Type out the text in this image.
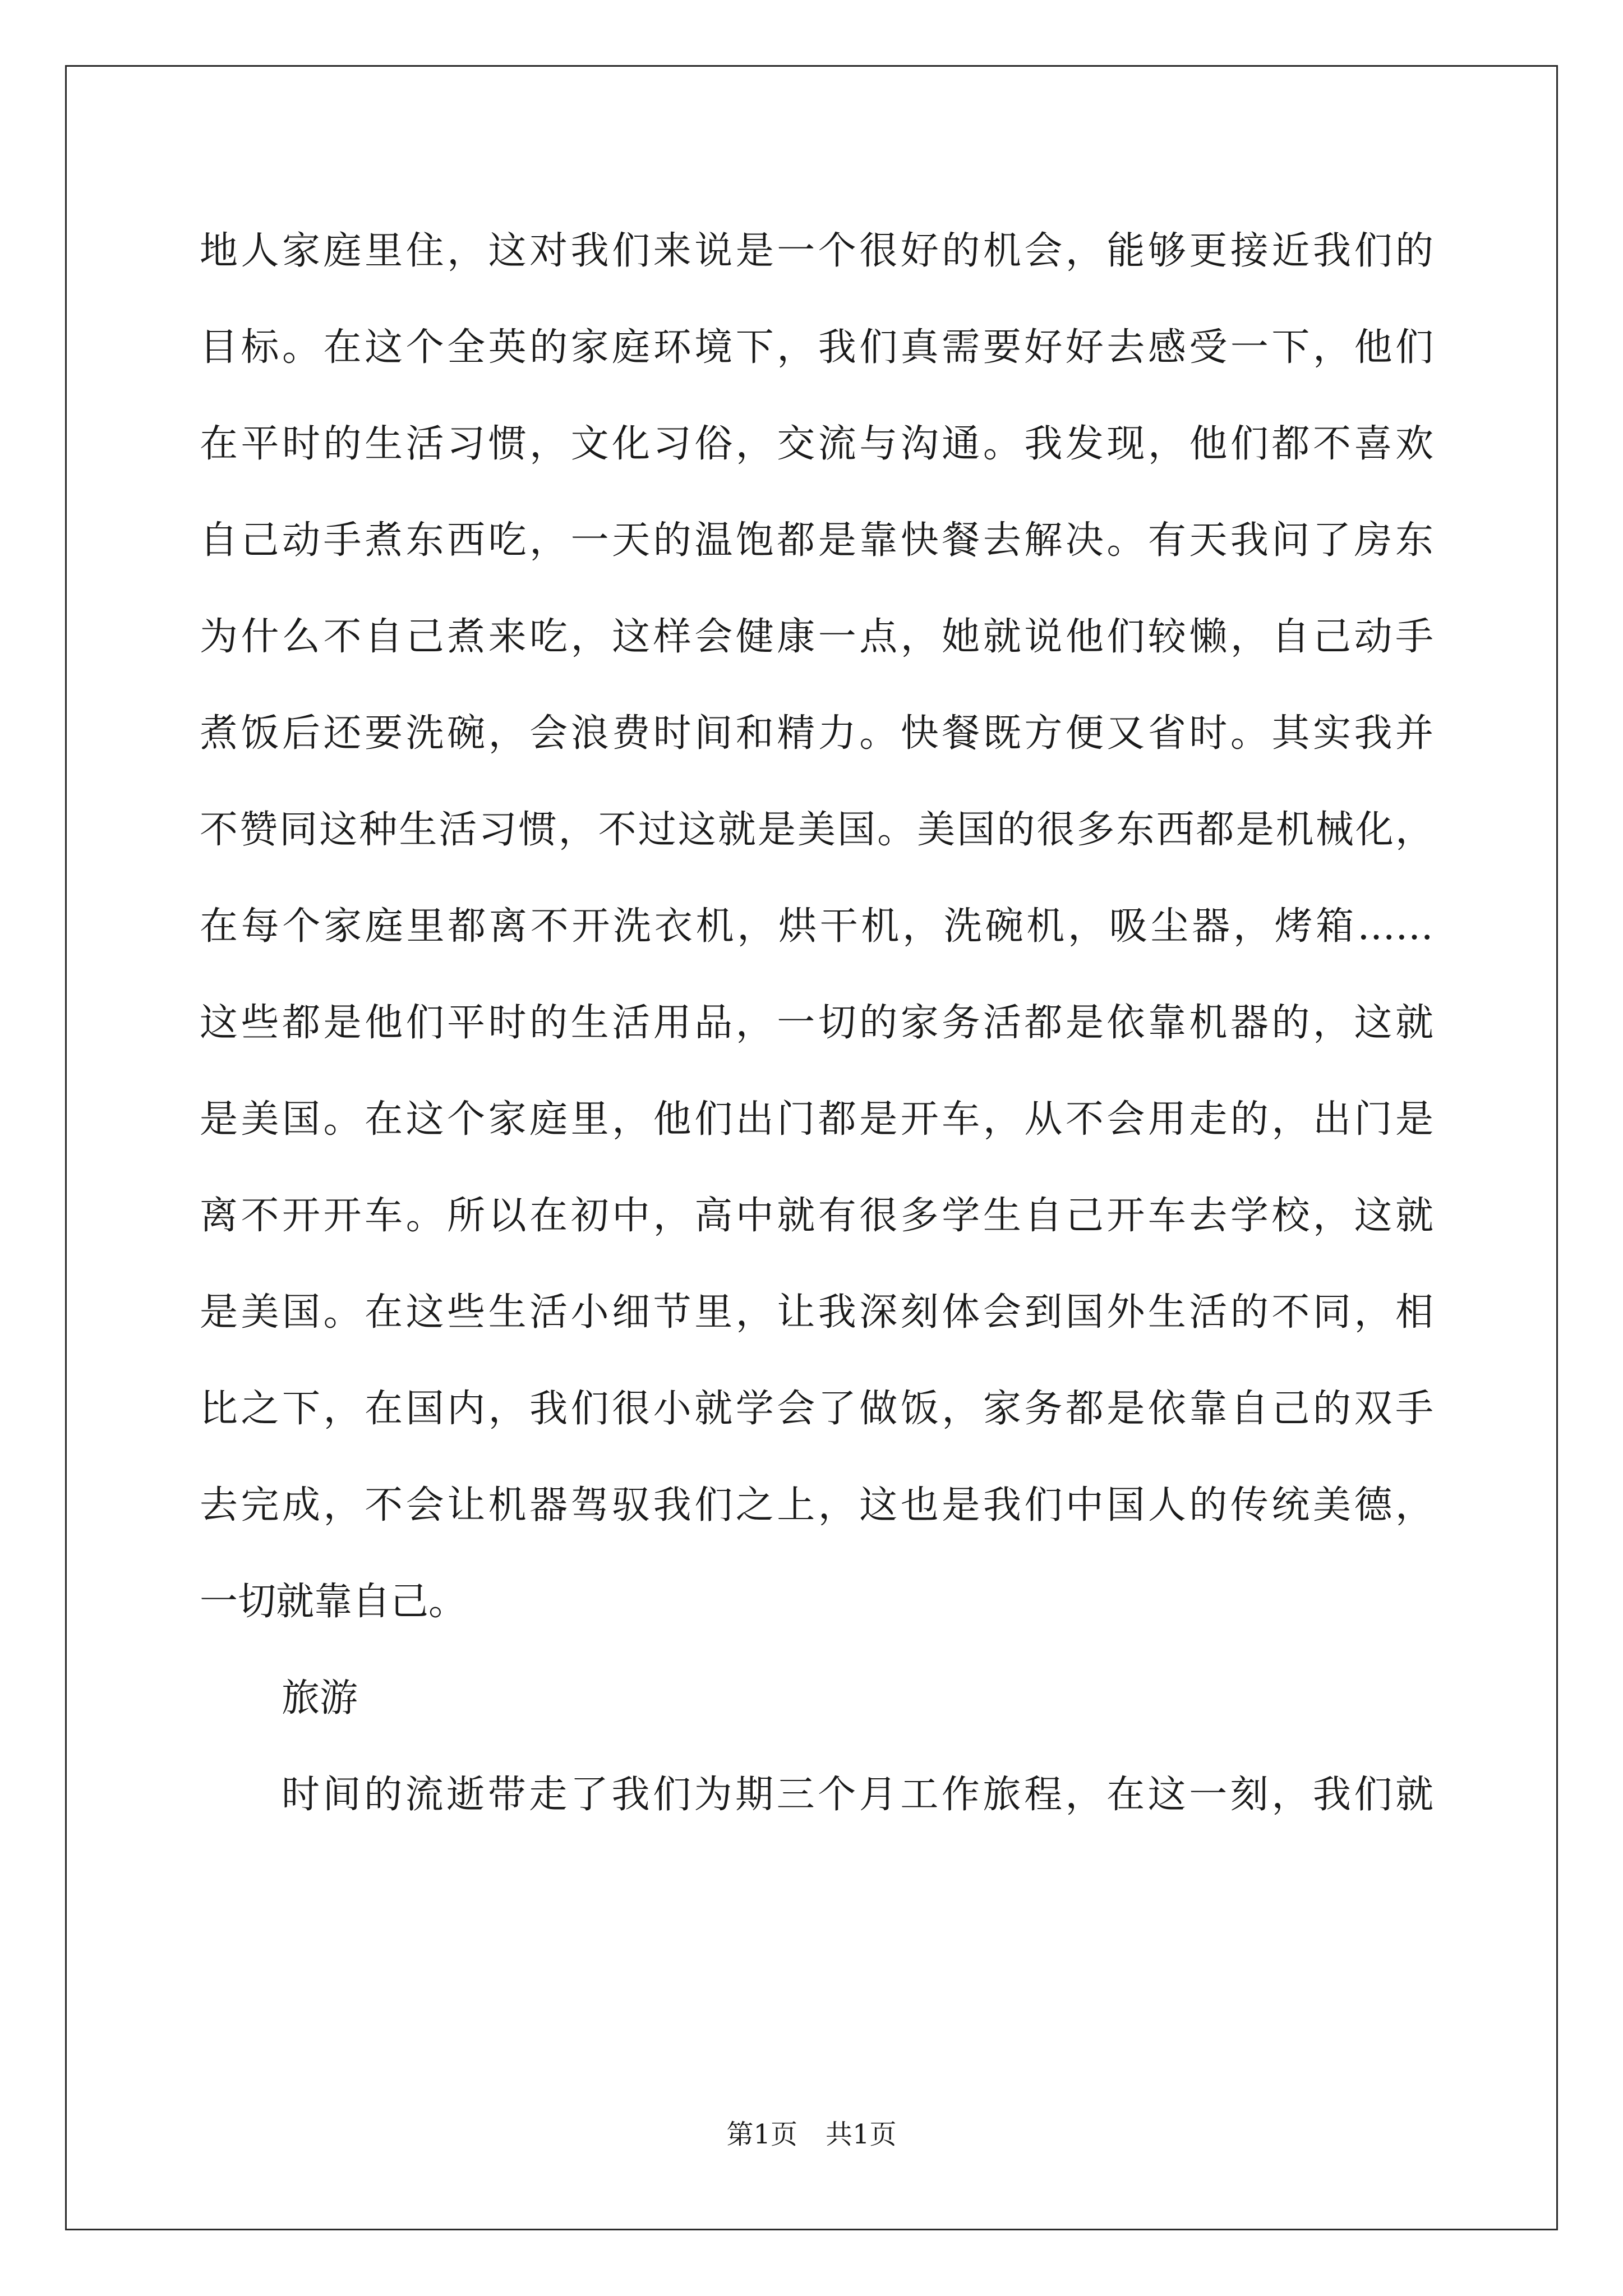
地人家庭里住，这对我们来说是一个很好的机会，能够更接近我们的
目标。在这个全英的家庭环境下，我们真需要好好去感受一下，他们
在平时的生活习惯，文化习俗，交流与沟通。我发现，他们都不喜欢
自己动手煮东西吃，一天的温饱都是靠快餐去解决。有天我问了房东
为什么不自己煮来吃，这样会健康一点，她就说他们较懒，自己动手
煮饭后还要洗碗，会浪费时间和精力。快餐既方便又省时。其实我并
不赞同这种生活习惯，不过这就是美国。美国的很多东西都是机械化，
在每个家庭里都离不开洗衣机，烘干机，洗碗机，吸尘器，烤箱……
这些都是他们平时的生活用品，一切的家务活都是依靠机器的，这就
是美国。在这个家庭里，他们出门都是开车，从不会用走的，出门是
离不开开车。所以在初中，高中就有很多学生自己开车去学校，这就
是美国。在这些生活小细节里，让我深刻体会到国外生活的不同，相
比之下，在国内，我们很小就学会了做饭，家务都是依靠自己的双手
去完成，不会让机器驾驭我们之上，这也是我们中国人的传统美德，
一切就靠自己。
旅游
时间的流逝带走了我们为期三个月工作旅程，在这一刻，我们就
第1页 共1页
